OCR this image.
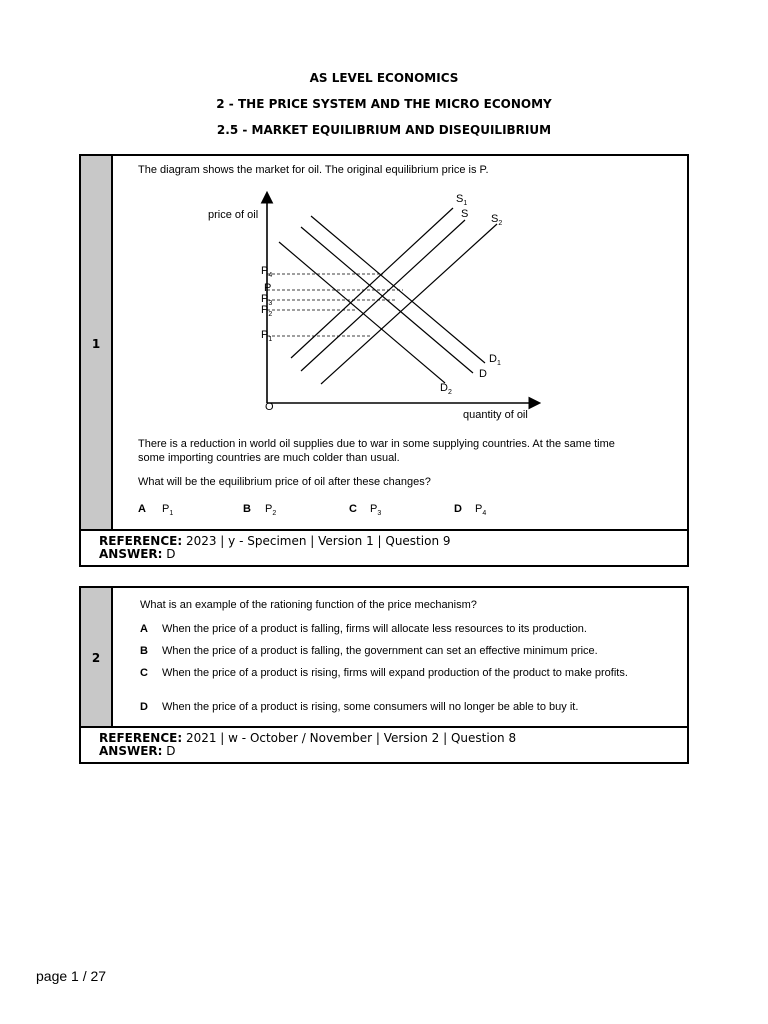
AS LEVEL ECONOMICS
2 - THE PRICE SYSTEM AND THE MICRO ECONOMY
2.5 - MARKET EQUILIBRIUM AND DISEQUILIBRIUM
1
The diagram shows the market for oil. The original equilibrium price is P.
price of oil
quantity of oil
O
$P_4$
P
$P_3$
$P_2$
$P_1$
$S_1$
S $S_2$
$D_1$
D
$D_2$
There is a reduction in world oil supplies due to war in some supplying countries. At the same time
some importing countries are much colder than usual.
What will be the equilibrium price of oil after these changes?
A $P_1$	B $P_2$	C $P_3$	D $P_4$
REFERENCE: 2023 | y - Specimen | Version 1 | Question 9
ANSWER: D
2
What is an example of the rationing function of the price mechanism?
A When the price of a product is falling, firms will allocate less resources to its production.
B When the price of a product is falling, the government can set an effective minimum price.
C When the price of a product is rising, firms will expand production of the product to make profits.
D When the price of a product is rising, some consumers will no longer be able to buy it.
REFERENCE: 2021 | w - October / November | Version 2 | Question 8
ANSWER: D
page 1 / 27
